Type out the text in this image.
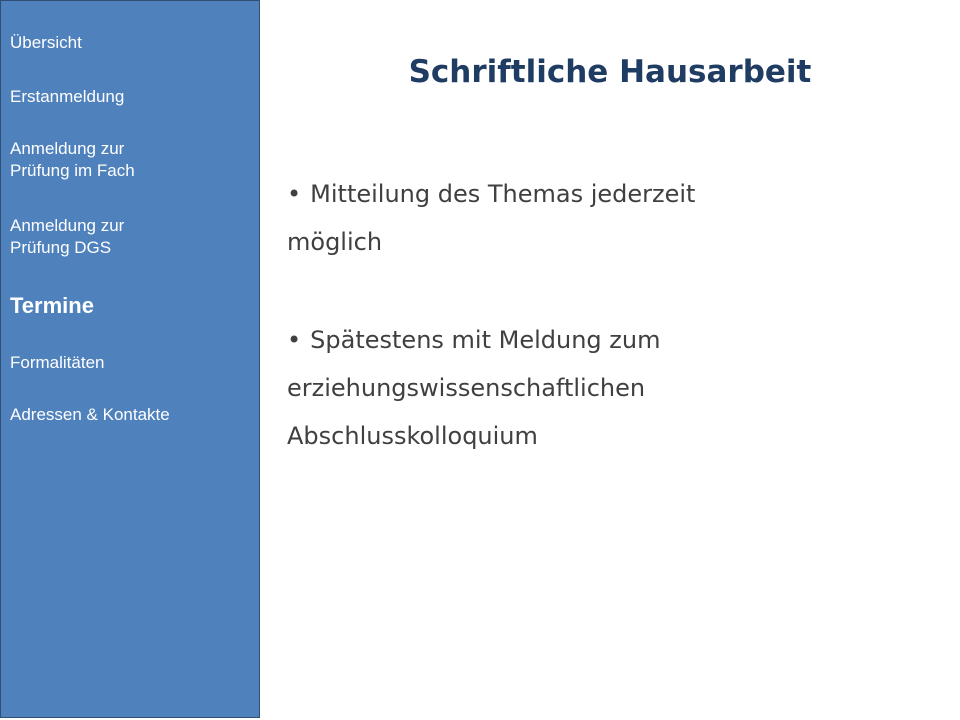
Übersicht
Erstanmeldung
Anmeldung zur
Prüfung im Fach
Anmeldung zur
Prüfung DGS
Termine
Formalitäten
Adressen & Kontakte
Schriftliche Hausarbeit
• Mitteilung des Themas jederzeit
möglich
• Spätestens mit Meldung zum
erziehungswissenschaftlichen
Abschlusskolloquium
